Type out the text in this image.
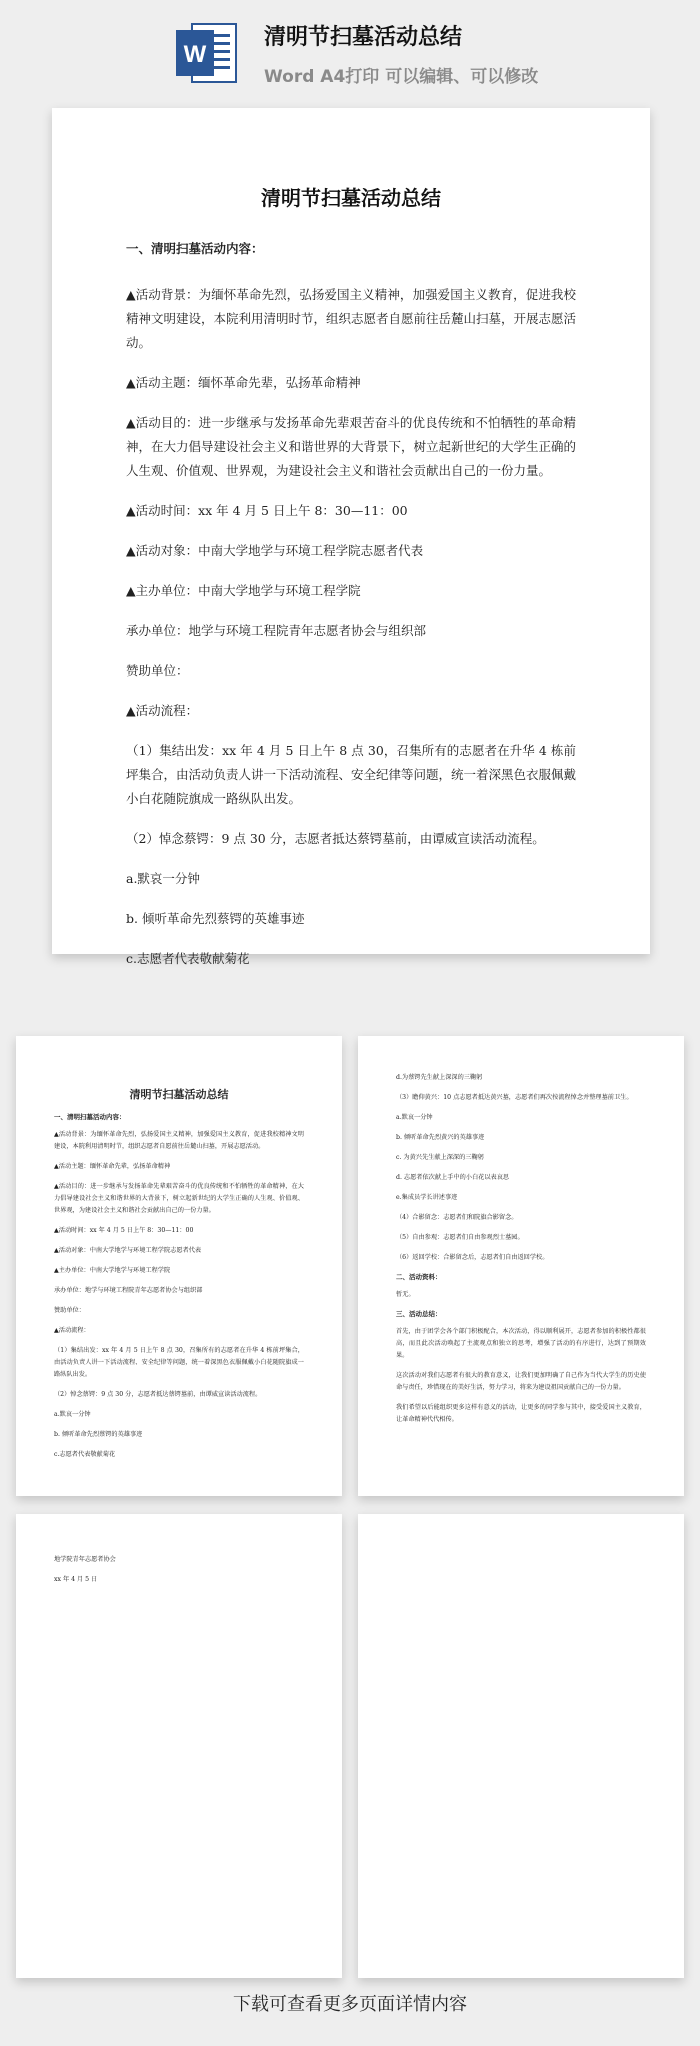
W
清明节扫墓活动总结
Word A4打印 可以编辑、可以修改
清明节扫墓活动总结
一、清明扫墓活动内容：

▲活动背景：为缅怀革命先烈，弘扬爱国主义精神，加强爱国主义教育，促进我校精神文明建设，本院利用清明时节，组织志愿者自愿前往岳麓山扫墓，开展志愿活动。

▲活动主题：缅怀革命先辈，弘扬革命精神

▲活动目的：进一步继承与发扬革命先辈艰苦奋斗的优良传统和不怕牺牲的革命精神，在大力倡导建设社会主义和谐世界的大背景下，树立起新世纪的大学生正确的人生观、价值观、世界观，为建设社会主义和谐社会贡献出自己的一份力量。

▲活动时间：xx 年 4 月 5 日上午 8：30—11：00

▲活动对象：中南大学地学与环境工程学院志愿者代表

▲主办单位：中南大学地学与环境工程学院

承办单位：地学与环境工程院青年志愿者协会与组织部

赞助单位：

▲活动流程：

（1）集结出发：xx 年 4 月 5 日上午 8 点 30，召集所有的志愿者在升华 4 栋前坪集合，由活动负责人讲一下活动流程、安全纪律等问题，统一着深黑色衣服佩戴小白花随院旗成一路纵队出发。

（2）悼念蔡锷：9 点 30 分，志愿者抵达蔡锷墓前，由谭威宣读活动流程。

a.默哀一分钟

b. 倾听革命先烈蔡锷的英雄事迹

c.志愿者代表敬献菊花

清明节扫墓活动总结
一、清明扫墓活动内容：

▲活动背景：为缅怀革命先烈，弘扬爱国主义精神，加强爱国主义教育，促进我校精神文明建设，本院利用清明时节，组织志愿者自愿前往岳麓山扫墓，开展志愿活动。

▲活动主题：缅怀革命先辈，弘扬革命精神

▲活动目的：进一步继承与发扬革命先辈艰苦奋斗的优良传统和不怕牺牲的革命精神，在大力倡导建设社会主义和谐世界的大背景下，树立起新世纪的大学生正确的人生观、价值观、世界观，为建设社会主义和谐社会贡献出自己的一份力量。

▲活动时间：xx 年 4 月 5 日上午 8：30—11：00

▲活动对象：中南大学地学与环境工程学院志愿者代表

▲主办单位：中南大学地学与环境工程学院

承办单位：地学与环境工程院青年志愿者协会与组织部

赞助单位：

▲活动流程：

（1）集结出发：xx 年 4 月 5 日上午 8 点 30，召集所有的志愿者在升华 4 栋前坪集合，由活动负责人讲一下活动流程、安全纪律等问题，统一着深黑色衣服佩戴小白花随院旗成一路纵队出发。

（2）悼念蔡锷：9 点 30 分，志愿者抵达蔡锷墓前，由谭威宣读活动流程。

a.默哀一分钟

b. 倾听革命先烈蔡锷的英雄事迹

c.志愿者代表敬献菊花

d.为蔡锷先生献上深深的三鞠躬

（3）瞻仰黄兴：10 点志愿者抵达黄兴墓，志愿者们再次按流程悼念并整理墓前卫生。

a.默哀一分钟

b. 倾听革命先烈黄兴的英雄事迹

c. 为黄兴先生献上深深的三鞠躬

d. 志愿者依次献上手中的小白花以表哀思

e.集成员学长讲述事迹

（4）合影留念：志愿者们和院旗合影留念。

（5）自由参观：志愿者们自由参观烈士墓园。

（6）返回学校：合影留念后，志愿者们自由返回学校。

二、活动资料：

暂无。

三、活动总结：

首先，由于团学会各个部门积极配合，本次活动，得以顺利展开，志愿者参加的积极性都很高，而且此次活动唤起了主流观点和独立的思考，增强了活动的有序进行，达到了预期效果。

这次活动对我们志愿者有很大的教育意义，让我们更加明确了自己作为当代大学生的历史使命与责任，珍惜现在的美好生活，努力学习，将来为建设祖国贡献自己的一份力量。

我们希望以后能组织更多这样有意义的活动，让更多的同学参与其中，接受爱国主义教育，让革命精神代代相传。

地学院青年志愿者协会

xx 年 4 月 5 日

下载可查看更多页面详情内容
